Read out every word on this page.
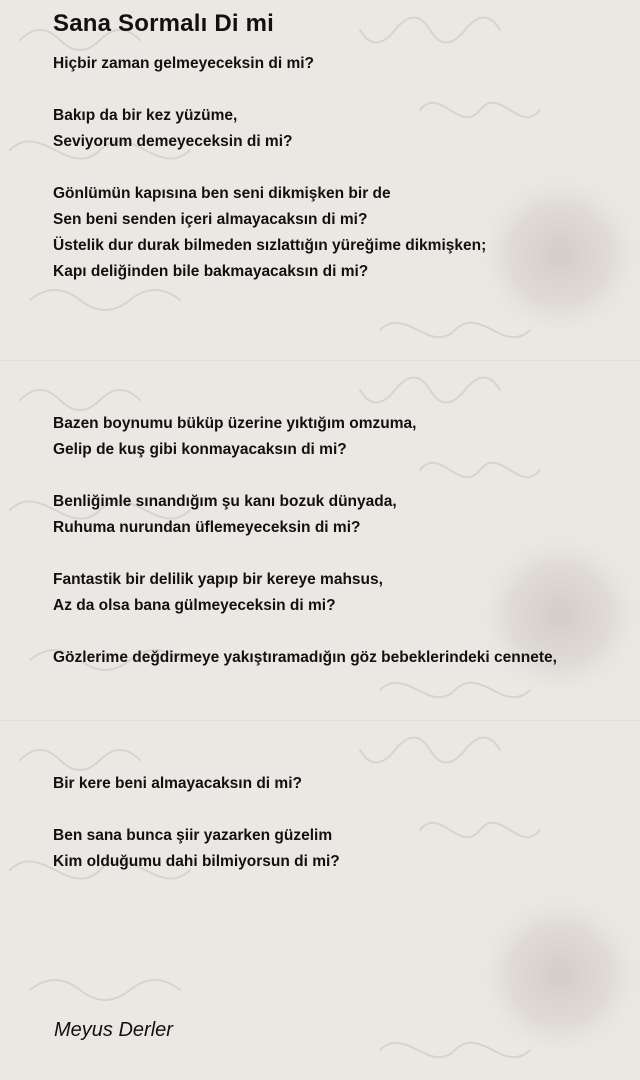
Sana Sormalı Di mi
Hiçbir zaman gelmeyeceksin di mi?
Bakıp da bir kez yüzüme,
Seviyorum demeyeceksin di mi?
Gönlümün kapısına ben seni dikmişken bir de
Sen beni senden içeri almayacaksın di mi?
Üstelik dur durak bilmeden sızlattığın yüreğime dikmişken;
Kapı deliğinden bile bakmayacaksın di mi?
Bazen boynumu büküp üzerine yıktığım omzuma,
Gelip de kuş gibi konmayacaksın di mi?
Benliğimle sınandığım şu kanı bozuk dünyada,
Ruhuma nurundan üflemeyeceksin di mi?
Fantastik bir delilik yapıp bir kereye mahsus,
Az da olsa bana gülmeyeceksin di mi?
Gözlerime değdirmeye yakıştıramadığın göz bebeklerindeki cennete,
Bir kere beni almayacaksın di mi?
Ben sana bunca şiir yazarken güzelim
Kim olduğumu dahi bilmiyorsun di mi?
Meyus Derler
